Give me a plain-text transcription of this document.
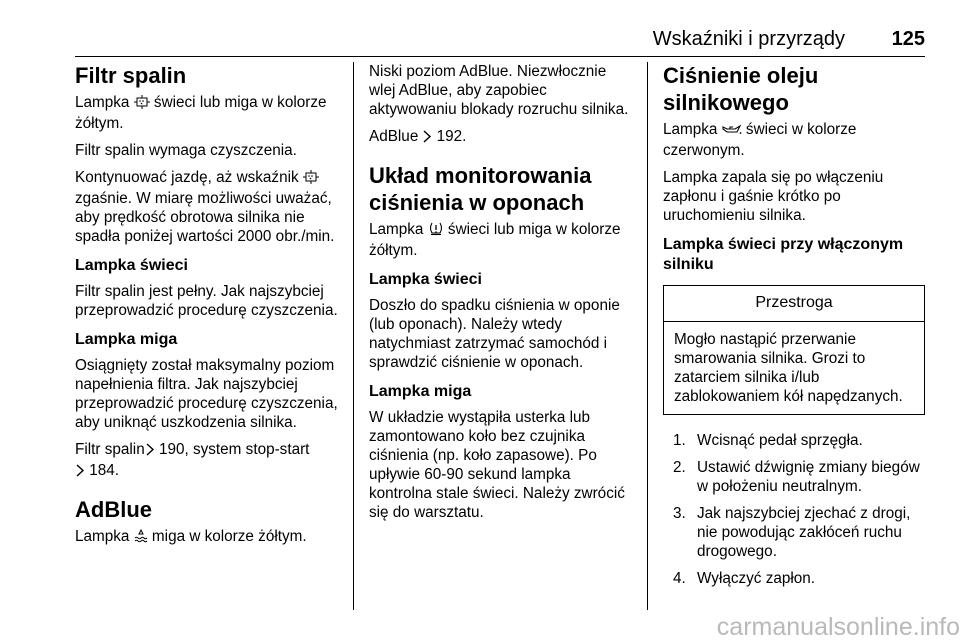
Wskaźniki i przyrządy 125
Filtr spalin

Lampka  świeci lub miga w kolorze żółtym.

Filtr spalin wymaga czyszczenia.

Kontynuować jazdę, aż wskaźnik  zgaśnie. W miarę możliwości uważać, aby prędkość obrotowa silnika nie spadła poniżej wartości 2000 obr./min.

Lampka świeci

Filtr spalin jest pełny. Jak najszybciej przeprowadzić procedurę czyszczenia.

Lampka miga

Osiągnięty został maksymalny poziom napełnienia filtra. Jak najszybciej przeprowadzić procedurę czyszczenia, aby uniknąć uszkodzenia silnika.

Filtr spalin 190, system stop-start
184.

AdBlue

Lampka  miga w kolorze żółtym.

Niski poziom AdBlue. Niezwłocznie wlej AdBlue, aby zapobiec aktywowaniu blokady rozruchu silnika.

AdBlue 192.

Układ monitorowania ciśnienia w oponach

Lampka  świeci lub miga w kolorze żółtym.

Lampka świeci

Doszło do spadku ciśnienia w oponie (lub oponach). Należy wtedy natychmiast zatrzymać samochód i sprawdzić ciśnienie w oponach.

Lampka miga

W układzie wystąpiła usterka lub zamontowano koło bez czujnika ciśnienia (np. koło zapasowe). Po upływie 60-90 sekund lampka kontrolna stale świeci. Należy zwrócić się do warsztatu.

Ciśnienie oleju silnikowego

Lampka  świeci w kolorze czerwonym.

Lampka zapala się po włączeniu zapłonu i gaśnie krótko po uruchomieniu silnika.

Lampka świeci przy włączonym silniku
Przestroga
Mogło nastąpić przerwanie smarowania silnika. Grozi to zatarciem silnika i/lub zablokowaniem kół napędzanych.
1. Wcisnąć pedał sprzęgła.
2. Ustawić dźwignię zmiany biegów w położeniu neutralnym.
3. Jak najszybciej zjechać z drogi, nie powodując zakłóceń ruchu drogowego.
4. Wyłączyć zapłon.
carmanualsonline.info
